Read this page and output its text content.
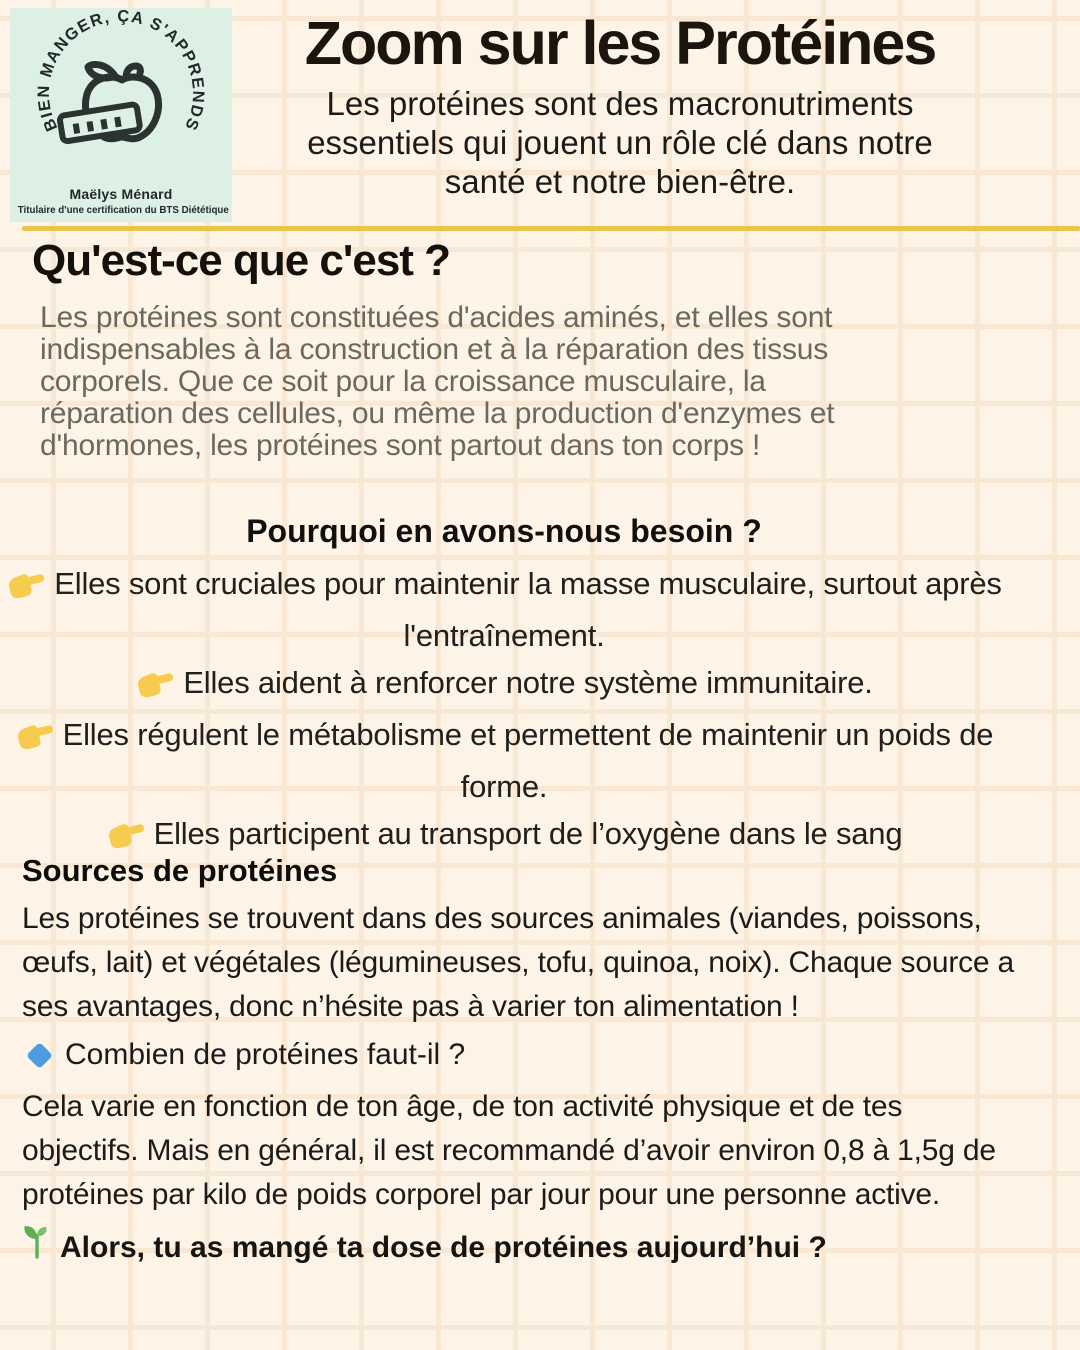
BIEN MANGER, ÇA S'APPRENDS
Maëlys Ménard
Titulaire d'une certification du BTS Diététique
Zoom sur les Protéines

Les protéines sont des macronutriments
essentiels qui jouent un rôle clé dans notre
santé et notre bien-être.

Qu'est-ce que c'est ?

Les protéines sont constituées d'acides aminés, et elles sont indispensables à la construction et à la réparation des tissus corporels. Que ce soit pour la croissance musculaire, la réparation des cellules, ou même la production d'enzymes et d'hormones, les protéines sont partout dans ton corps !

Pourquoi en avons-nous besoin ?
Elles sont cruciales pour maintenir la masse musculaire, surtout après l'entraînement.
Elles aident à renforcer notre système immunitaire.
Elles régulent le métabolisme et permettent de maintenir un poids de forme.
Elles participent au transport de l’oxygène dans le sang
Sources de protéines

Les protéines se trouvent dans des sources animales (viandes, poissons, œufs, lait) et végétales (légumineuses, tofu, quinoa, noix). Chaque source a ses avantages, donc n’hésite pas à varier ton alimentation !

Combien de protéines faut-il ?

Cela varie en fonction de ton âge, de ton activité physique et de tes objectifs. Mais en général, il est recommandé d’avoir environ 0,8 à 1,5g de protéines par kilo de poids corporel par jour pour une personne active.

Alors, tu as mangé ta dose de protéines aujourd’hui ?
